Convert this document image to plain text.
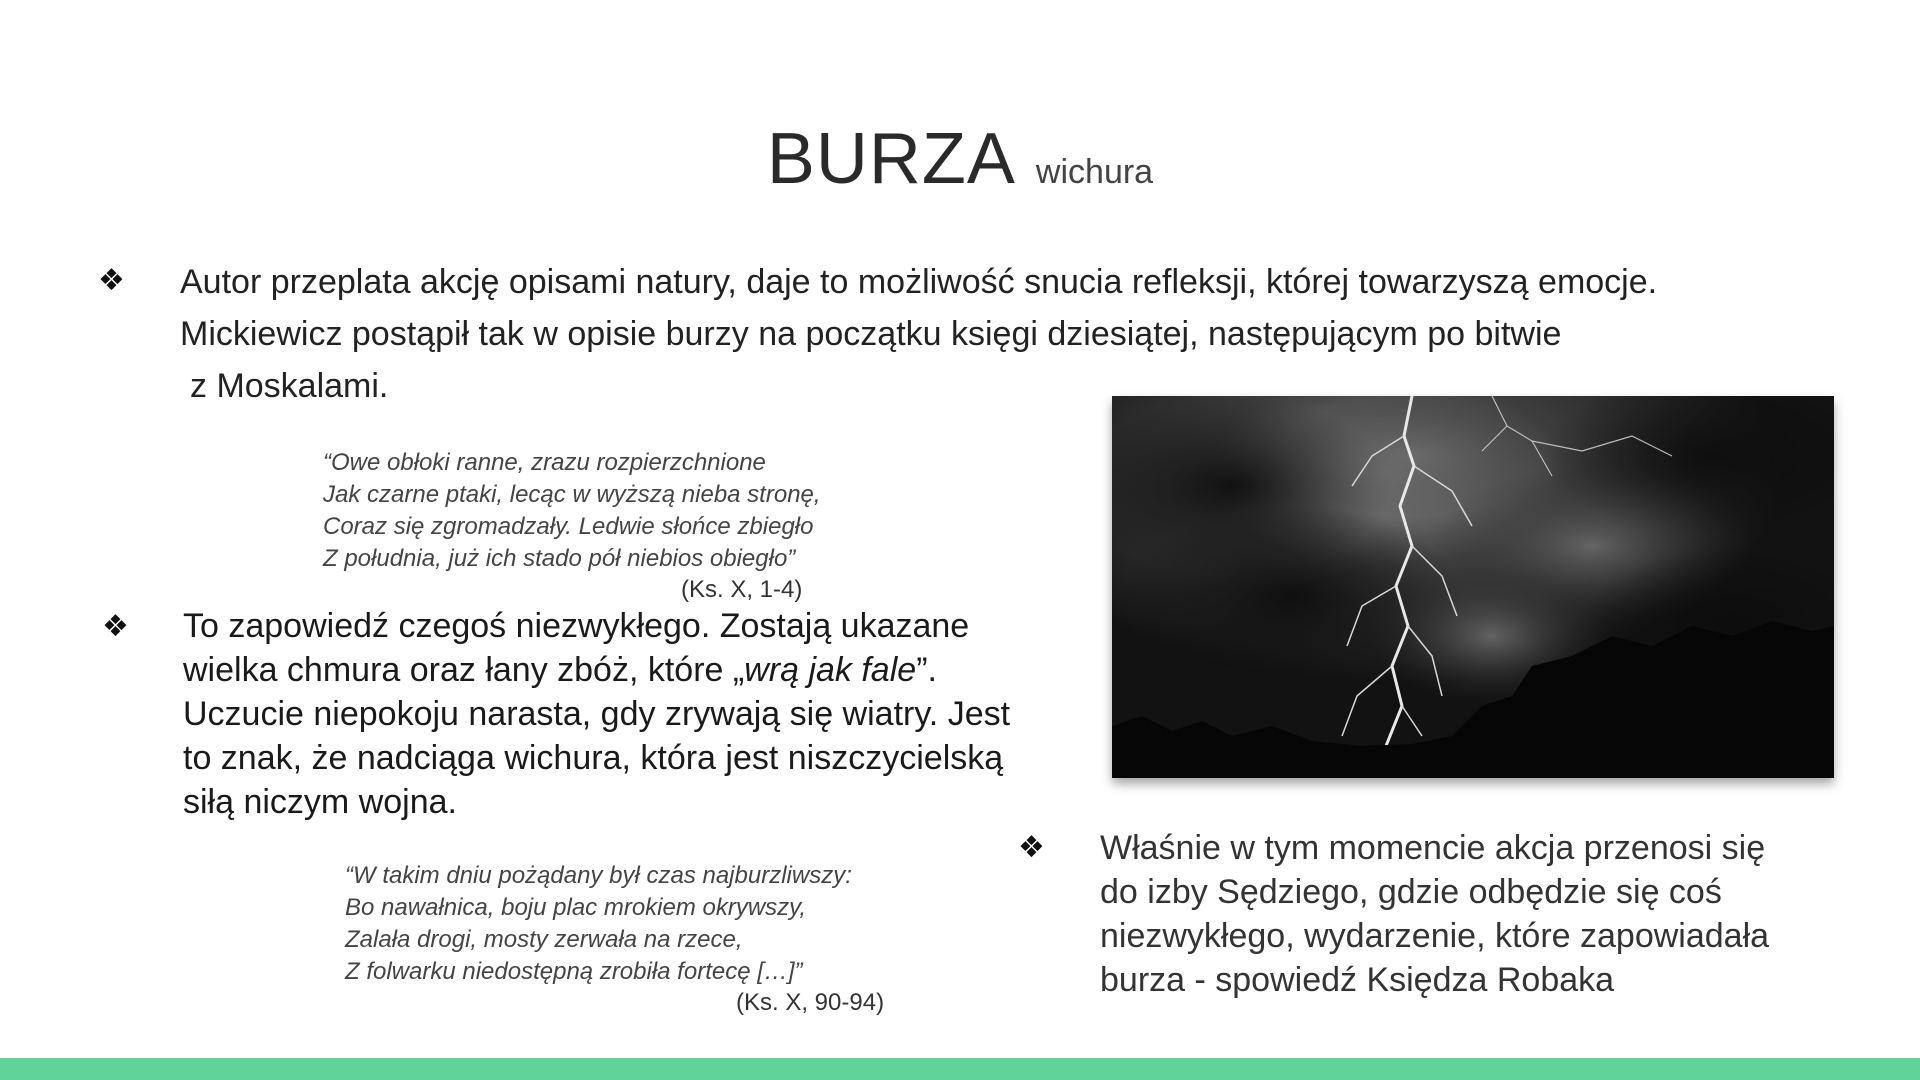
BURZA wichura
❖ Autor przeplata akcję opisami natury, daje to możliwość snucia refleksji, której towarzyszą emocje.
Mickiewicz postąpił tak w opisie burzy na początku księgi dziesiątej, następującym po bitwie
z Moskalami.
“Owe obłoki ranne, zrazu rozpierzchnione
Jak czarne ptaki, lecąc w wyższą nieba stronę,
Coraz się zgromadzały. Ledwie słońce zbiegło
Z południa, już ich stado pół niebios obiegło”
(Ks. X, 1-4)
❖ To zapowiedź czegoś niezwykłego. Zostają ukazane
wielka chmura oraz łany zbóż, które „wrą jak fale”.
Uczucie niepokoju narasta, gdy zrywają się wiatry. Jest
to znak, że nadciąga wichura, która jest niszczycielską
siłą niczym wojna.
“W takim dniu pożądany był czas najburzliwszy:
Bo nawałnica, boju plac mrokiem okrywszy,
Zalała drogi, mosty zerwała na rzece,
Z folwarku niedostępną zrobiła fortecę […]”
(Ks. X, 90-94)
❖ Właśnie w tym momencie akcja przenosi się
do izby Sędziego, gdzie odbędzie się coś
niezwykłego, wydarzenie, które zapowiadała
burza - spowiedź Księdza Robaka
